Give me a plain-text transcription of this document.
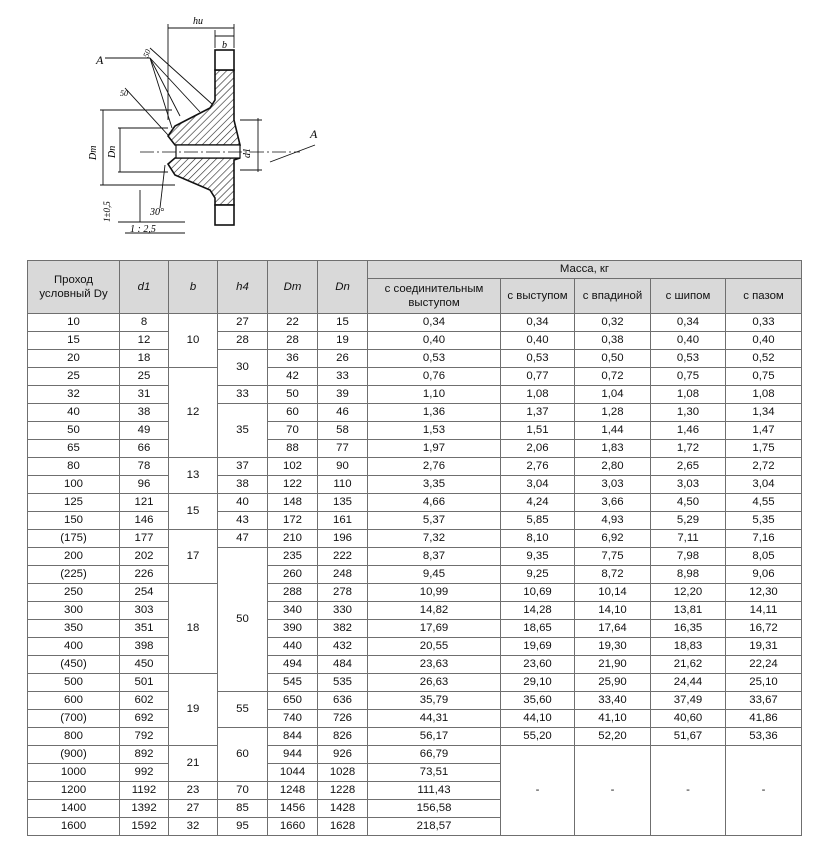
hu
b
A
A
50
50
Dm Dn	d1
1±0,5	30°
1 : 2,5
Проход условный Dy	d1	b	h4	Dm	Dn	Масса, кг				
						с соединительным выступом	с выступом	с впадиной	с шипом	с пазом
10	8	10	27	22	15	0,34	0,34	0,32	0,34	0,33
15	12		28	28	19	0,40	0,40	0,38	0,40	0,40
20	18		30	36	26	0,53	0,53	0,50	0,53	0,52
25	25	12		42	33	0,76	0,77	0,72	0,75	0,75
32	31		33	50	39	1,10	1,08	1,04	1,08	1,08
40	38		35	60	46	1,36	1,37	1,28	1,30	1,34
50	49			70	58	1,53	1,51	1,44	1,46	1,47
65	66			88	77	1,97	2,06	1,83	1,72	1,75
80	78	13	37	102	90	2,76	2,76	2,80	2,65	2,72
100	96		38	122	110	3,35	3,04	3,03	3,03	3,04
125	121	15	40	148	135	4,66	4,24	3,66	4,50	4,55
150	146		43	172	161	5,37	5,85	4,93	5,29	5,35
(175)	177	17	47	210	196	7,32	8,10	6,92	7,11	7,16
200	202		50	235	222	8,37	9,35	7,75	7,98	8,05
(225)	226			260	248	9,45	9,25	8,72	8,98	9,06
250	254	18		288	278	10,99	10,69	10,14	12,20	12,30
300	303			340	330	14,82	14,28	14,10	13,81	14,11
350	351			390	382	17,69	18,65	17,64	16,35	16,72
400	398			440	432	20,55	19,69	19,30	18,83	19,31
(450)	450			494	484	23,63	23,60	21,90	21,62	22,24
500	501	19		545	535	26,63	29,10	25,90	24,44	25,10
600	602		55	650	636	35,79	35,60	33,40	37,49	33,67
(700)	692			740	726	44,31	44,10	41,10	40,60	41,86
800	792		60	844	826	56,17	55,20	52,20	51,67	53,36
(900)	892	21		944	926	66,79	-	-	-	-
1000	992			1044	1028	73,51				
1200	1192	23	70	1248	1228	111,43				
1400	1392	27	85	1456	1428	156,58				
1600	1592	32	95	1660	1628	218,57				
